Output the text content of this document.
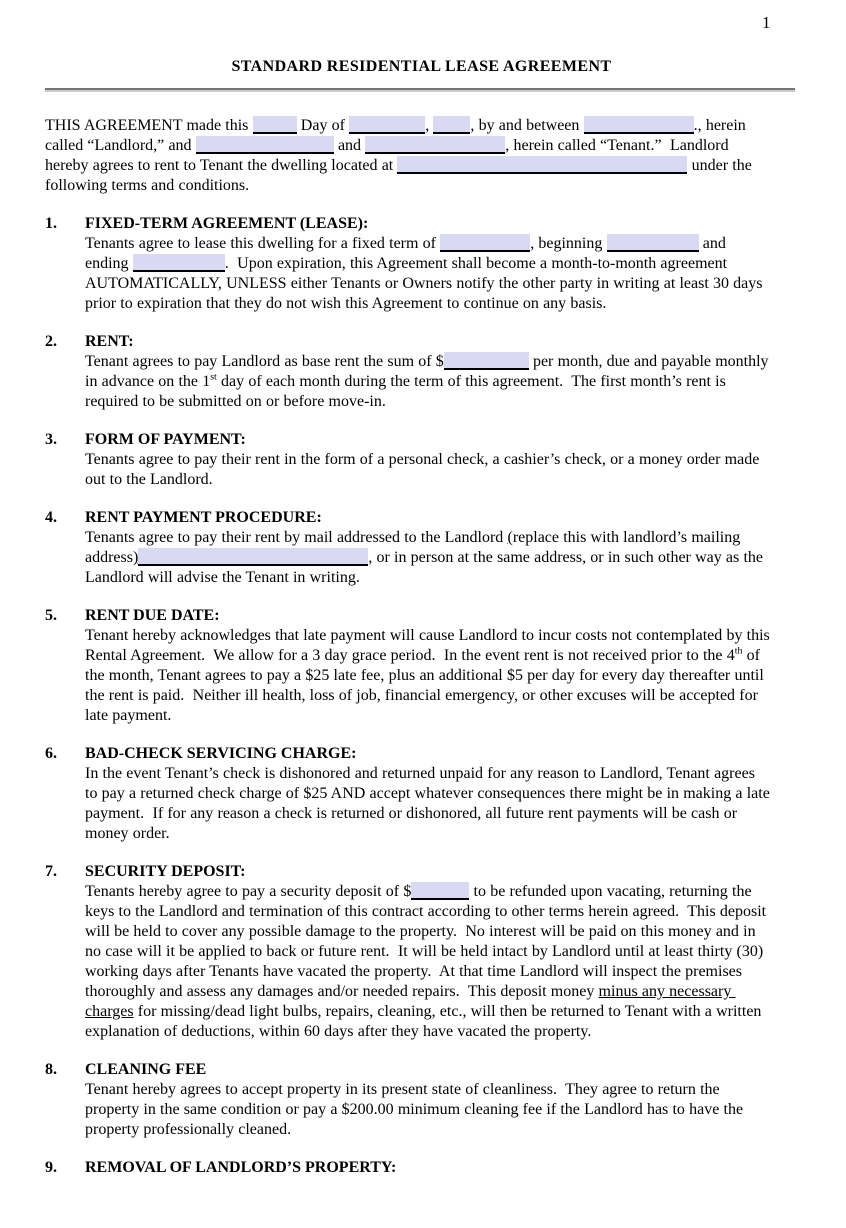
1
STANDARD RESIDENTIAL LEASE AGREEMENT
THIS AGREEMENT made this	Day of	, , by and between	., herein called “Landlord,” and	and	, herein called “Tenant.”  Landlord hereby agrees to rent to Tenant the dwelling located at	under the following terms and conditions.
1. FIXED-TERM AGREEMENT (LEASE):
Tenants agree to lease this dwelling for a fixed term of	, beginning	and ending	.  Upon expiration, this Agreement shall become a month-to-month agreement AUTOMATICALLY, UNLESS either Tenants or Owners notify the other party in writing at least 30 days prior to expiration that they do not wish this Agreement to continue on any basis.
2. RENT:
Tenant agrees to pay Landlord as base rent the sum of $	per month, due and payable monthly in advance on the 1st day of each month during the term of this agreement.  The first month’s rent is required to be submitted on or before move-in.
3. FORM OF PAYMENT:
Tenants agree to pay their rent in the form of a personal check, a cashier’s check, or a money order made out to the Landlord.
4. RENT PAYMENT PROCEDURE:
Tenants agree to pay their rent by mail addressed to the Landlord (replace this with landlord’s mailing address)	, or in person at the same address, or in such other way as the Landlord will advise the Tenant in writing.
5. RENT DUE DATE:
Tenant hereby acknowledges that late payment will cause Landlord to incur costs not contemplated by this Rental Agreement.  We allow for a 3 day grace period.  In the event rent is not received prior to the 4th of the month, Tenant agrees to pay a $25 late fee, plus an additional $5 per day for every day thereafter until the rent is paid.  Neither ill health, loss of job, financial emergency, or other excuses will be accepted for late payment.
6. BAD-CHECK SERVICING CHARGE:
In the event Tenant’s check is dishonored and returned unpaid for any reason to Landlord, Tenant agrees to pay a returned check charge of $25 AND accept whatever consequences there might be in making a late payment.  If for any reason a check is returned or dishonored, all future rent payments will be cash or money order.
7. SECURITY DEPOSIT:
Tenants hereby agree to pay a security deposit of $	to be refunded upon vacating, returning the keys to the Landlord and termination of this contract according to other terms herein agreed.  This deposit will be held to cover any possible damage to the property.  No interest will be paid on this money and in no case will it be applied to back or future rent.  It will be held intact by Landlord until at least thirty (30) working days after Tenants have vacated the property.  At that time Landlord will inspect the premises thoroughly and assess any damages and/or needed repairs.  This deposit money minus any necessary charges for missing/dead light bulbs, repairs, cleaning, etc., will then be returned to Tenant with a written explanation of deductions, within 60 days after they have vacated the property.
8. CLEANING FEE
Tenant hereby agrees to accept property in its present state of cleanliness.  They agree to return the property in the same condition or pay a $200.00 minimum cleaning fee if the Landlord has to have the property professionally cleaned.
9. REMOVAL OF LANDLORD’S PROPERTY:
